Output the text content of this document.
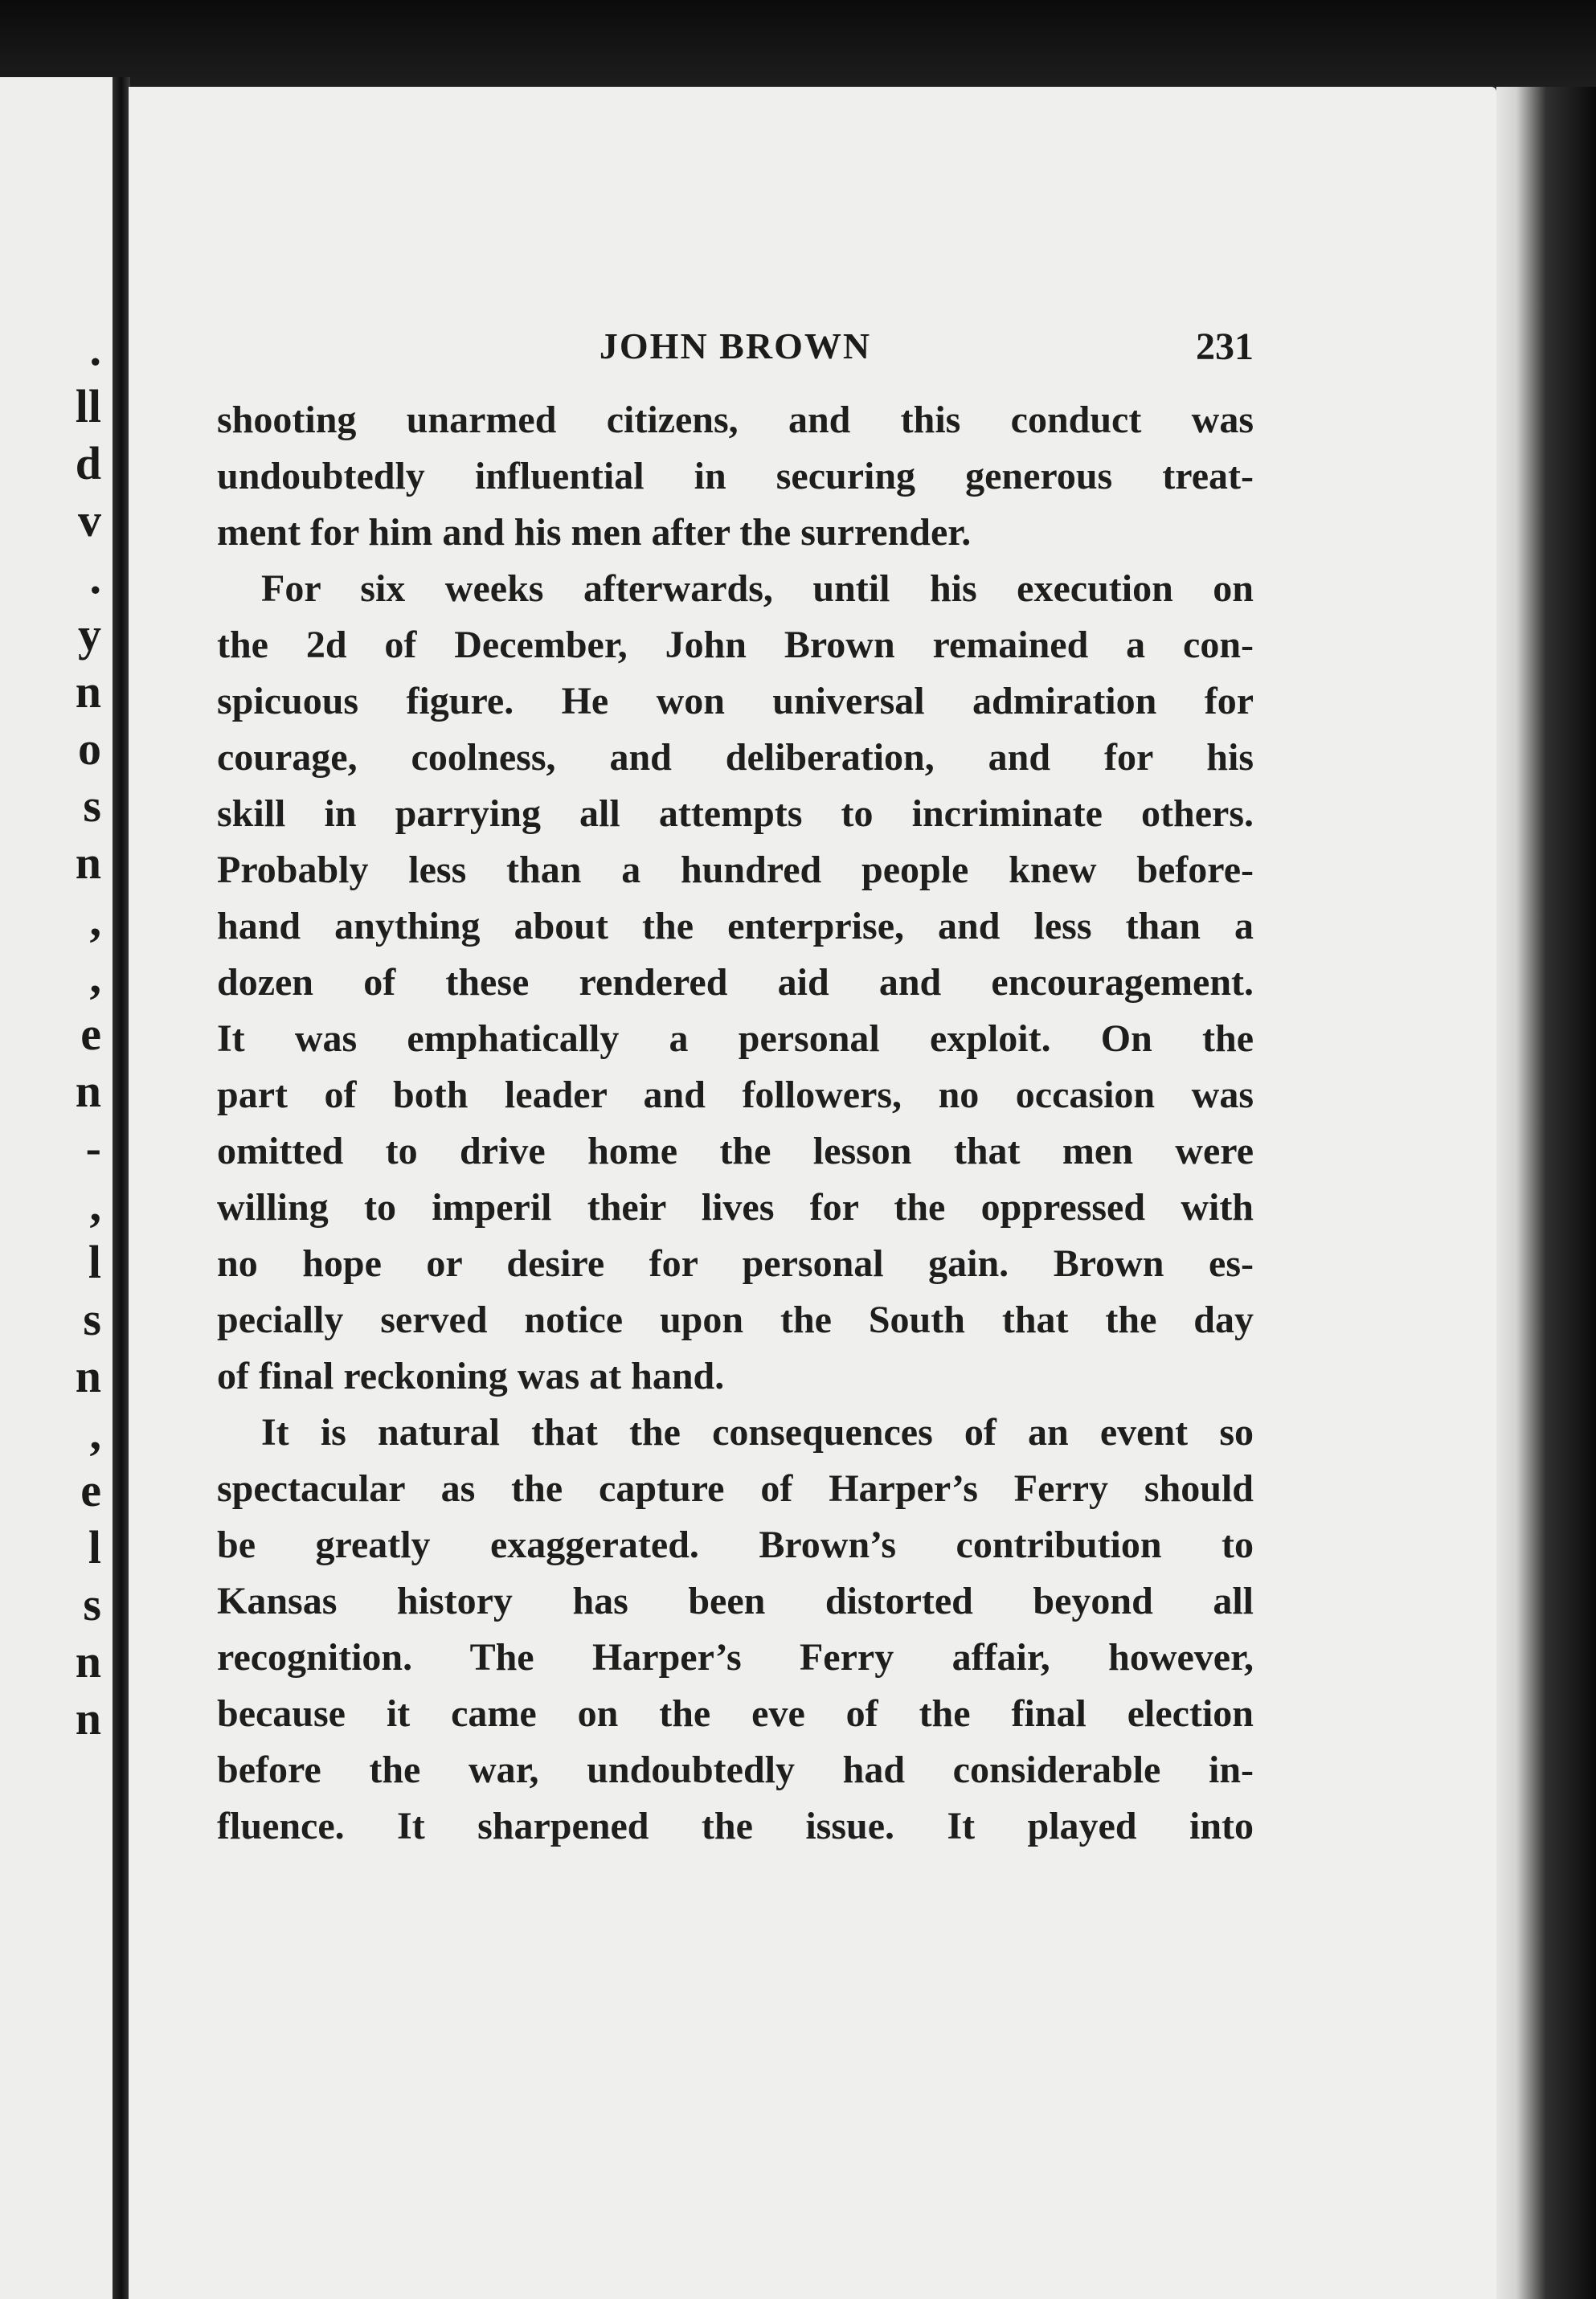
.
ll
d
v
.
y
n
o
s
n
,
,
e
n
-
,
l
s
n
,
e
l
s
n
n
JOHN BROWN	231
shooting unarmed citizens, and this conduct was
undoubtedly influential in securing generous treat-
ment for him and his men after the surrender.
For six weeks afterwards, until his execution on
the 2d of December, John Brown remained a con-
spicuous figure. He won universal admiration for
courage, coolness, and deliberation, and for his
skill in parrying all attempts to incriminate others.
Probably less than a hundred people knew before-
hand anything about the enterprise, and less than a
dozen of these rendered aid and encouragement.
It was emphatically a personal exploit. On the
part of both leader and followers, no occasion was
omitted to drive home the lesson that men were
willing to imperil their lives for the oppressed with
no hope or desire for personal gain. Brown es-
pecially served notice upon the South that the day
of final reckoning was at hand.
It is natural that the consequences of an event so
spectacular as the capture of Harper’s Ferry should
be greatly exaggerated. Brown’s contribution to
Kansas history has been distorted beyond all
recognition. The Harper’s Ferry affair, however,
because it came on the eve of the final election
before the war, undoubtedly had considerable in-
fluence. It sharpened the issue. It played into
